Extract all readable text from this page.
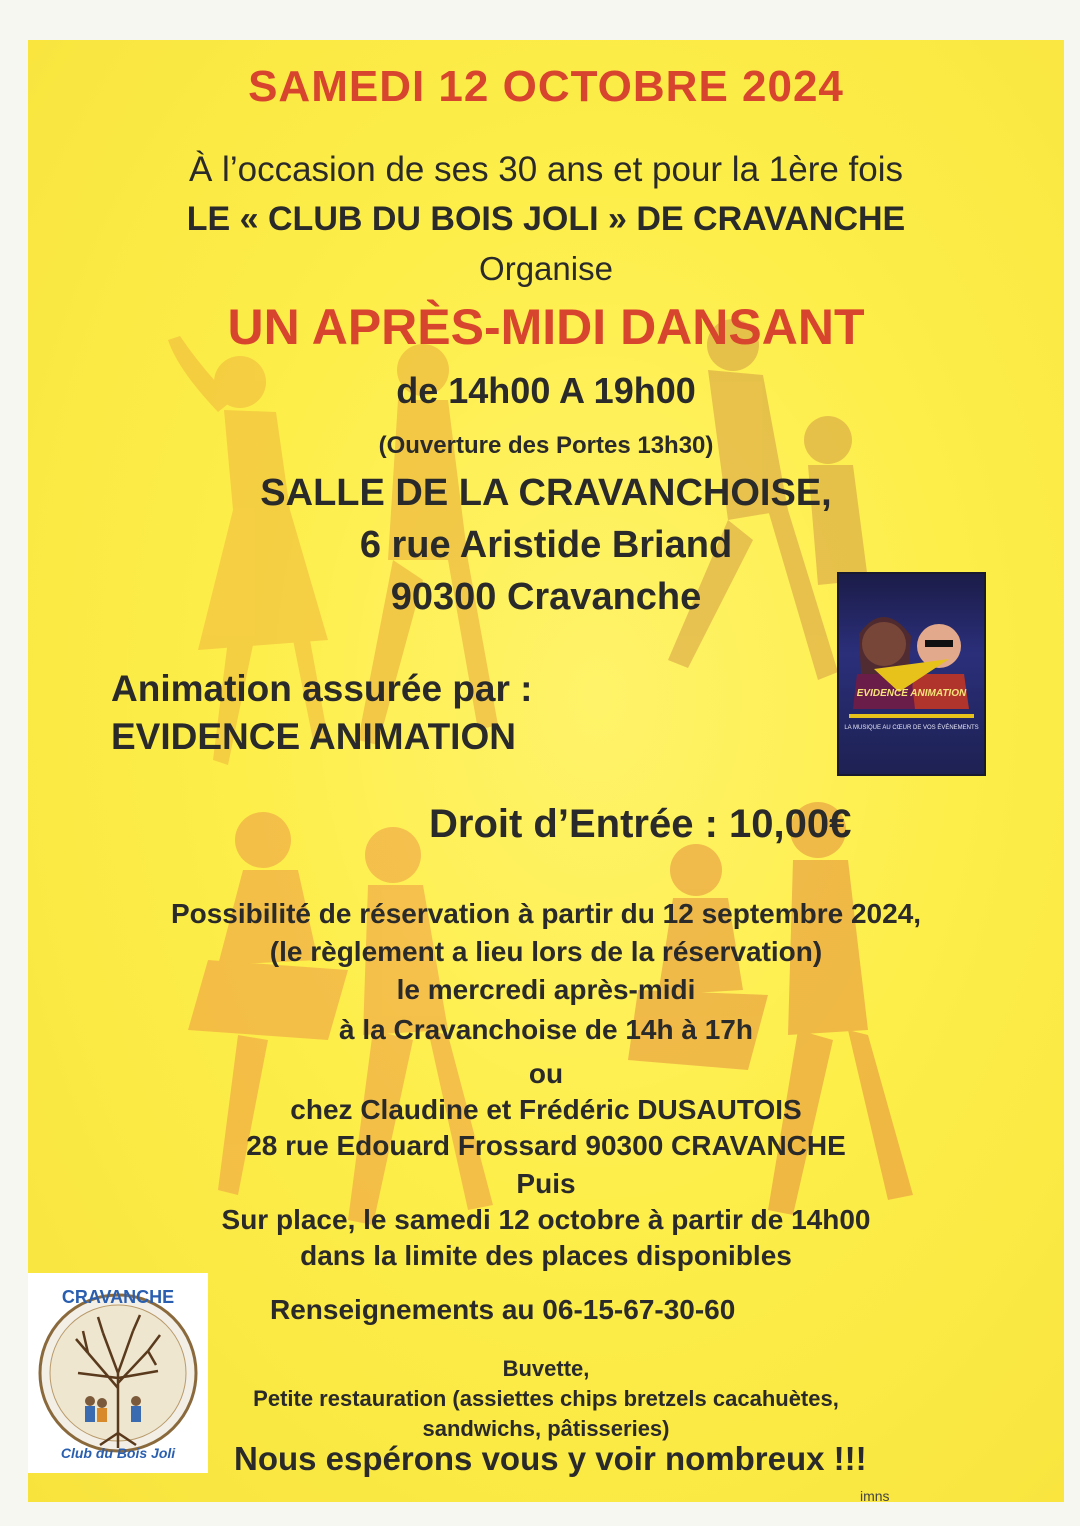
SAMEDI 12 OCTOBRE 2024
À l’occasion de ses 30 ans et pour la 1ère fois
LE « CLUB DU BOIS JOLI » DE CRAVANCHE
Organise
UN APRÈS-MIDI DANSANT
de 14h00 A 19h00
(Ouverture des Portes 13h30)
SALLE DE LA CRAVANCHOISE,
6 rue Aristide Briand
90300 Cravanche
Animation assurée par :
EVIDENCE ANIMATION
EVIDENCE ANIMATION
LA MUSIQUE AU CŒUR DE VOS ÉVÉNEMENTS
Droit d’Entrée : 10,00€
Possibilité de réservation à partir du 12 septembre 2024,
(le règlement a lieu lors de la réservation)
le mercredi après-midi
à la Cravanchoise de 14h à 17h
ou
chez Claudine et Frédéric DUSAUTOIS
28 rue Edouard Frossard 90300 CRAVANCHE
Puis
Sur place, le samedi 12 octobre à partir de 14h00
dans la limite des places disponibles
Renseignements au 06-15-67-30-60
Buvette,
Petite restauration (assiettes chips bretzels cacahuètes,
sandwichs, pâtisseries)
Nous espérons vous y voir nombreux !!!
imns
CRAVANCHE
Club du Bois Joli
